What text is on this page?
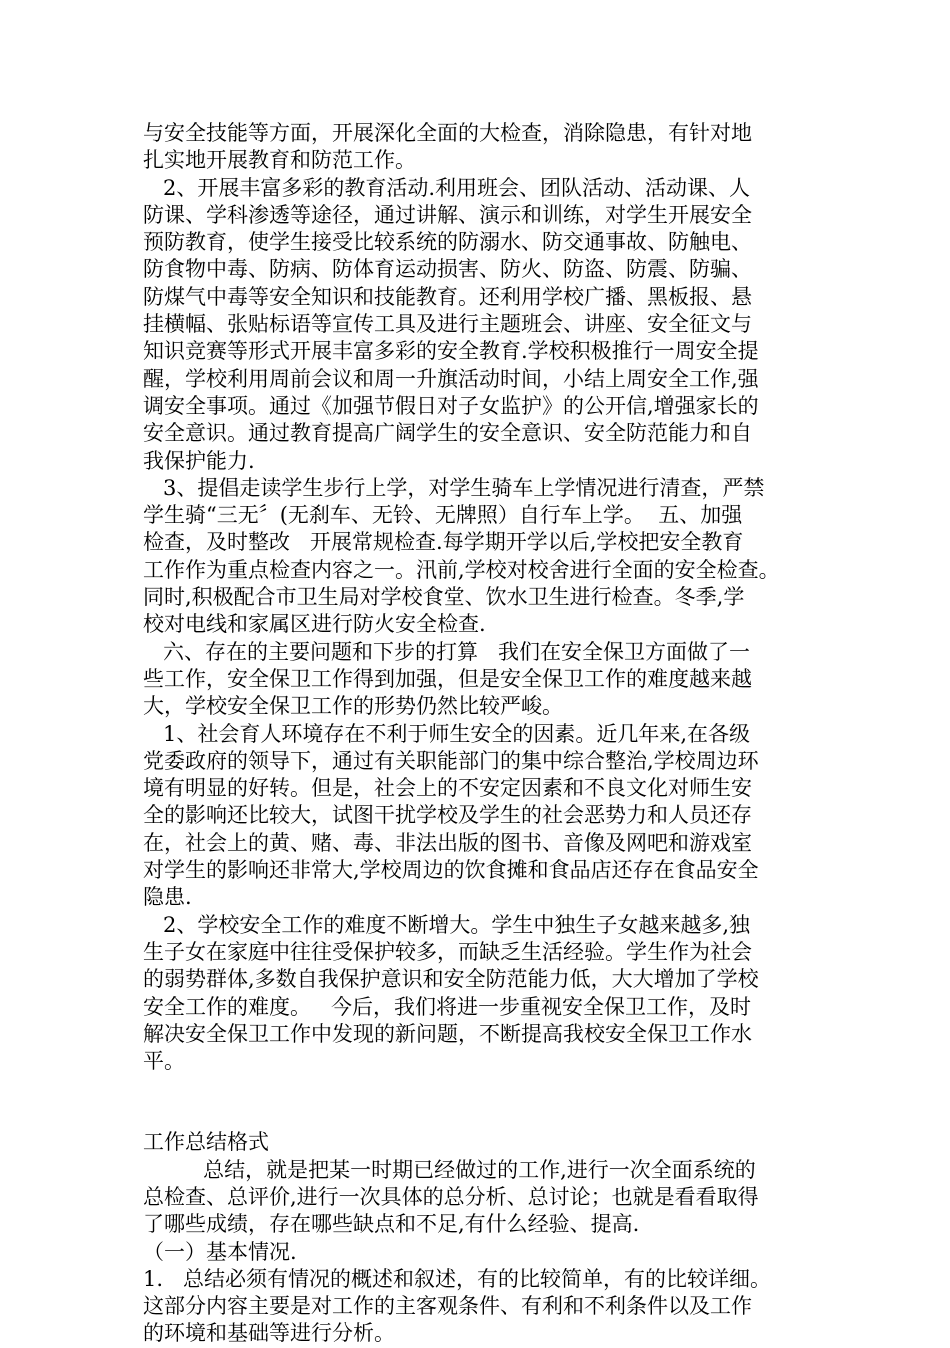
与安全技能等方面，开展深化全面的大检查，消除隐患，有针对地
扎实地开展教育和防范工作。
2、开展丰富多彩的教育活动.利用班会、团队活动、活动课、人
防课、学科渗透等途径，通过讲解、演示和训练，对学生开展安全
预防教育，使学生接受比较系统的防溺水、防交通事故、防触电、
防食物中毒、防病、防体育运动损害、防火、防盗、防震、防骗、
防煤气中毒等安全知识和技能教育。还利用学校广播、黑板报、悬
挂横幅、张贴标语等宣传工具及进行主题班会、讲座、安全征文与
知识竞赛等形式开展丰富多彩的安全教育.学校积极推行一周安全提
醒，学校利用周前会议和周一升旗活动时间，小结上周安全工作,强
调安全事项。通过《加强节假日对子女监护》的公开信,增强家长的
安全意识。通过教育提高广阔学生的安全意识、安全防范能力和自
我保护能力.
3、提倡走读学生步行上学，对学生骑车上学情况进行清查，严禁
学生骑“三无〞(无刹车、无铃、无牌照）自行车上学。  五、加强
检查，及时整改   开展常规检查.每学期开学以后,学校把安全教育
工作作为重点检查内容之一。汛前,学校对校舍进行全面的安全检查。
同时,积极配合市卫生局对学校食堂、饮水卫生进行检查。冬季,学
校对电线和家属区进行防火安全检查.
六、存在的主要问题和下步的打算   我们在安全保卫方面做了一
些工作，安全保卫工作得到加强，但是安全保卫工作的难度越来越
大，学校安全保卫工作的形势仍然比较严峻。
1、社会育人环境存在不利于师生安全的因素。近几年来,在各级
党委政府的领导下，通过有关职能部门的集中综合整治,学校周边环
境有明显的好转。但是，社会上的不安定因素和不良文化对师生安
全的影响还比较大，试图干扰学校及学生的社会恶势力和人员还存
在，社会上的黄、赌、毒、非法出版的图书、音像及网吧和游戏室
对学生的影响还非常大,学校周边的饮食摊和食品店还存在食品安全
隐患.
2、学校安全工作的难度不断增大。学生中独生子女越来越多,独
生子女在家庭中往往受保护较多，而缺乏生活经验。学生作为社会
的弱势群体,多数自我保护意识和安全防范能力低，大大增加了学校
安全工作的难度。   今后，我们将进一步重视安全保卫工作，及时
解决安全保卫工作中发现的新问题，不断提高我校安全保卫工作水
平。
工作总结格式
总结，就是把某一时期已经做过的工作,进行一次全面系统的
总检查、总评价,进行一次具体的总分析、总讨论；也就是看看取得
了哪些成绩，存在哪些缺点和不足,有什么经验、提高.
（一）基本情况.
1.   总结必须有情况的概述和叙述，有的比较简单，有的比较详细。
这部分内容主要是对工作的主客观条件、有利和不利条件以及工作
的环境和基础等进行分析。
